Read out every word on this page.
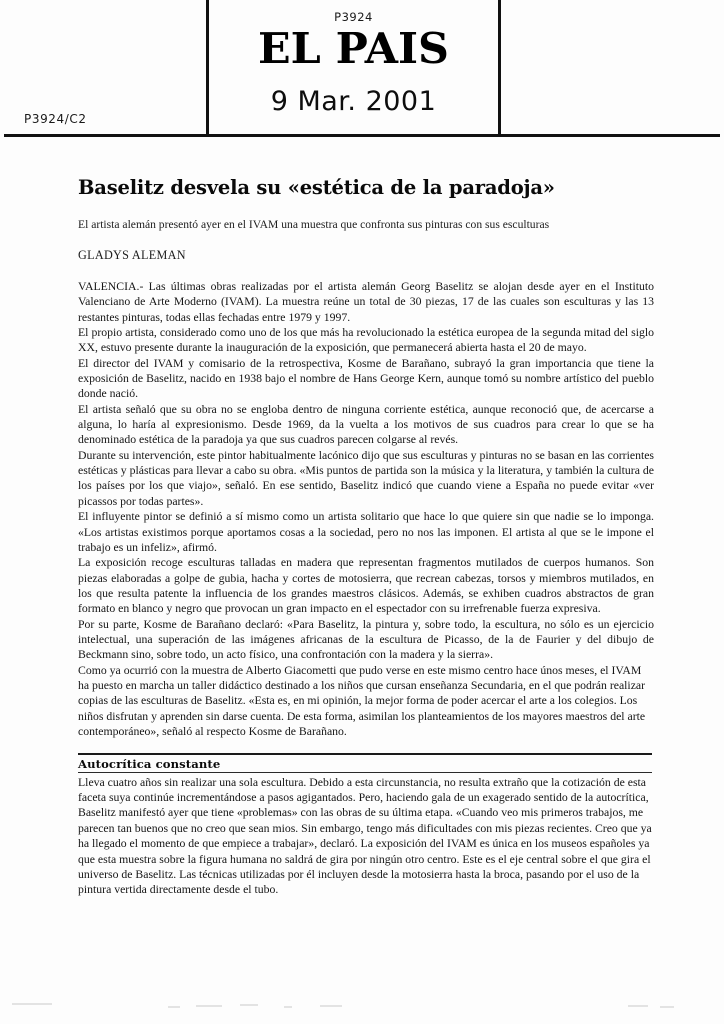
P3924/C2
P3924
EL PAIS
9 Mar. 2001
Baselitz desvela su «estética de la paradoja»
El artista alemán presentó ayer en el IVAM una muestra que confronta sus pinturas con sus esculturas
GLADYS ALEMAN

VALENCIA.- Las últimas obras realizadas por el artista alemán Georg Baselitz se alojan desde ayer en el Instituto Valenciano de Arte Moderno (IVAM). La muestra reúne un total de 30 piezas, 17 de las cuales son esculturas y las 13 restantes pinturas, todas ellas fechadas entre 1979 y 1997.

El propio artista, considerado como uno de los que más ha revolucionado la estética europea de la segunda mitad del siglo XX, estuvo presente durante la inauguración de la exposición, que permanecerá abierta hasta el 20 de mayo.

El director del IVAM y comisario de la retrospectiva, Kosme de Barañano, subrayó la gran importancia que tiene la exposición de Baselitz, nacido en 1938 bajo el nombre de Hans George Kern, aunque tomó su nombre artístico del pueblo donde nació.

El artista señaló que su obra no se engloba dentro de ninguna corriente estética, aunque reconoció que, de acercarse a alguna, lo haría al expresionismo. Desde 1969, da la vuelta a los motivos de sus cuadros para crear lo que se ha denominado estética de la paradoja ya que sus cuadros parecen colgarse al revés.

Durante su intervención, este pintor habitualmente lacónico dijo que sus esculturas y pinturas no se basan en las corrientes estéticas y plásticas para llevar a cabo su obra. «Mis puntos de partida son la música y la literatura, y también la cultura de los países por los que viajo», señaló. En ese sentido, Baselitz indicó que cuando viene a España no puede evitar «ver picassos por todas partes».

El influyente pintor se definió a sí mismo como un artista solitario que hace lo que quiere sin que nadie se lo imponga. «Los artistas existimos porque aportamos cosas a la sociedad, pero no nos las imponen. El artista al que se le impone el trabajo es un infeliz», afirmó.

La exposición recoge esculturas talladas en madera que representan fragmentos mutilados de cuerpos humanos. Son piezas elaboradas a golpe de gubia, hacha y cortes de motosierra, que recrean cabezas, torsos y miembros mutilados, en los que resulta patente la influencia de los grandes maestros clásicos. Además, se exhiben cuadros abstractos de gran formato en blanco y negro que provocan un gran impacto en el espectador con su irrefrenable fuerza expresiva.

Por su parte, Kosme de Barañano declaró: «Para Baselitz, la pintura y, sobre todo, la escultura, no sólo es un ejercicio intelectual, una superación de las imágenes africanas de la escultura de Picasso, de la de Faurier y del dibujo de Beckmann sino, sobre todo, un acto físico, una confrontación con la madera y la sierra».

Como ya ocurrió con la muestra de Alberto Giacometti que pudo verse en este mismo centro hace únos meses, el IVAM ha puesto en marcha un taller didáctico destinado a los niños que cursan enseñanza Secundaria, en el que podrán realizar copias de las esculturas de Baselitz. «Esta es, en mi opinión, la mejor forma de poder acercar el arte a los colegios. Los niños disfrutan y aprenden sin darse cuenta. De esta forma, asimilan los planteamientos de los mayores maestros del arte contemporáneo», señaló al respecto Kosme de Barañano.

Autocrítica constante

Lleva cuatro años sin realizar una sola escultura. Debido a esta circunstancia, no resulta extraño que la cotización de esta faceta suya continúe incrementándose a pasos agigantados. Pero, haciendo gala de un exagerado sentido de la autocrítica, Baselitz manifestó ayer que tiene «problemas» con las obras de su última etapa. «Cuando veo mis primeros trabajos, me parecen tan buenos que no creo que sean mios. Sin embargo, tengo más dificultades con mis piezas recientes. Creo que ya ha llegado el momento de que empiece a trabajar», declaró. La exposición del IVAM es única en los museos españoles ya que esta muestra sobre la figura humana no saldrá de gira por ningún otro centro. Este es el eje central sobre el que gira el universo de Baselitz. Las técnicas utilizadas por él incluyen desde la motosierra hasta la broca, pasando por el uso de la pintura vertida directamente desde el tubo.
